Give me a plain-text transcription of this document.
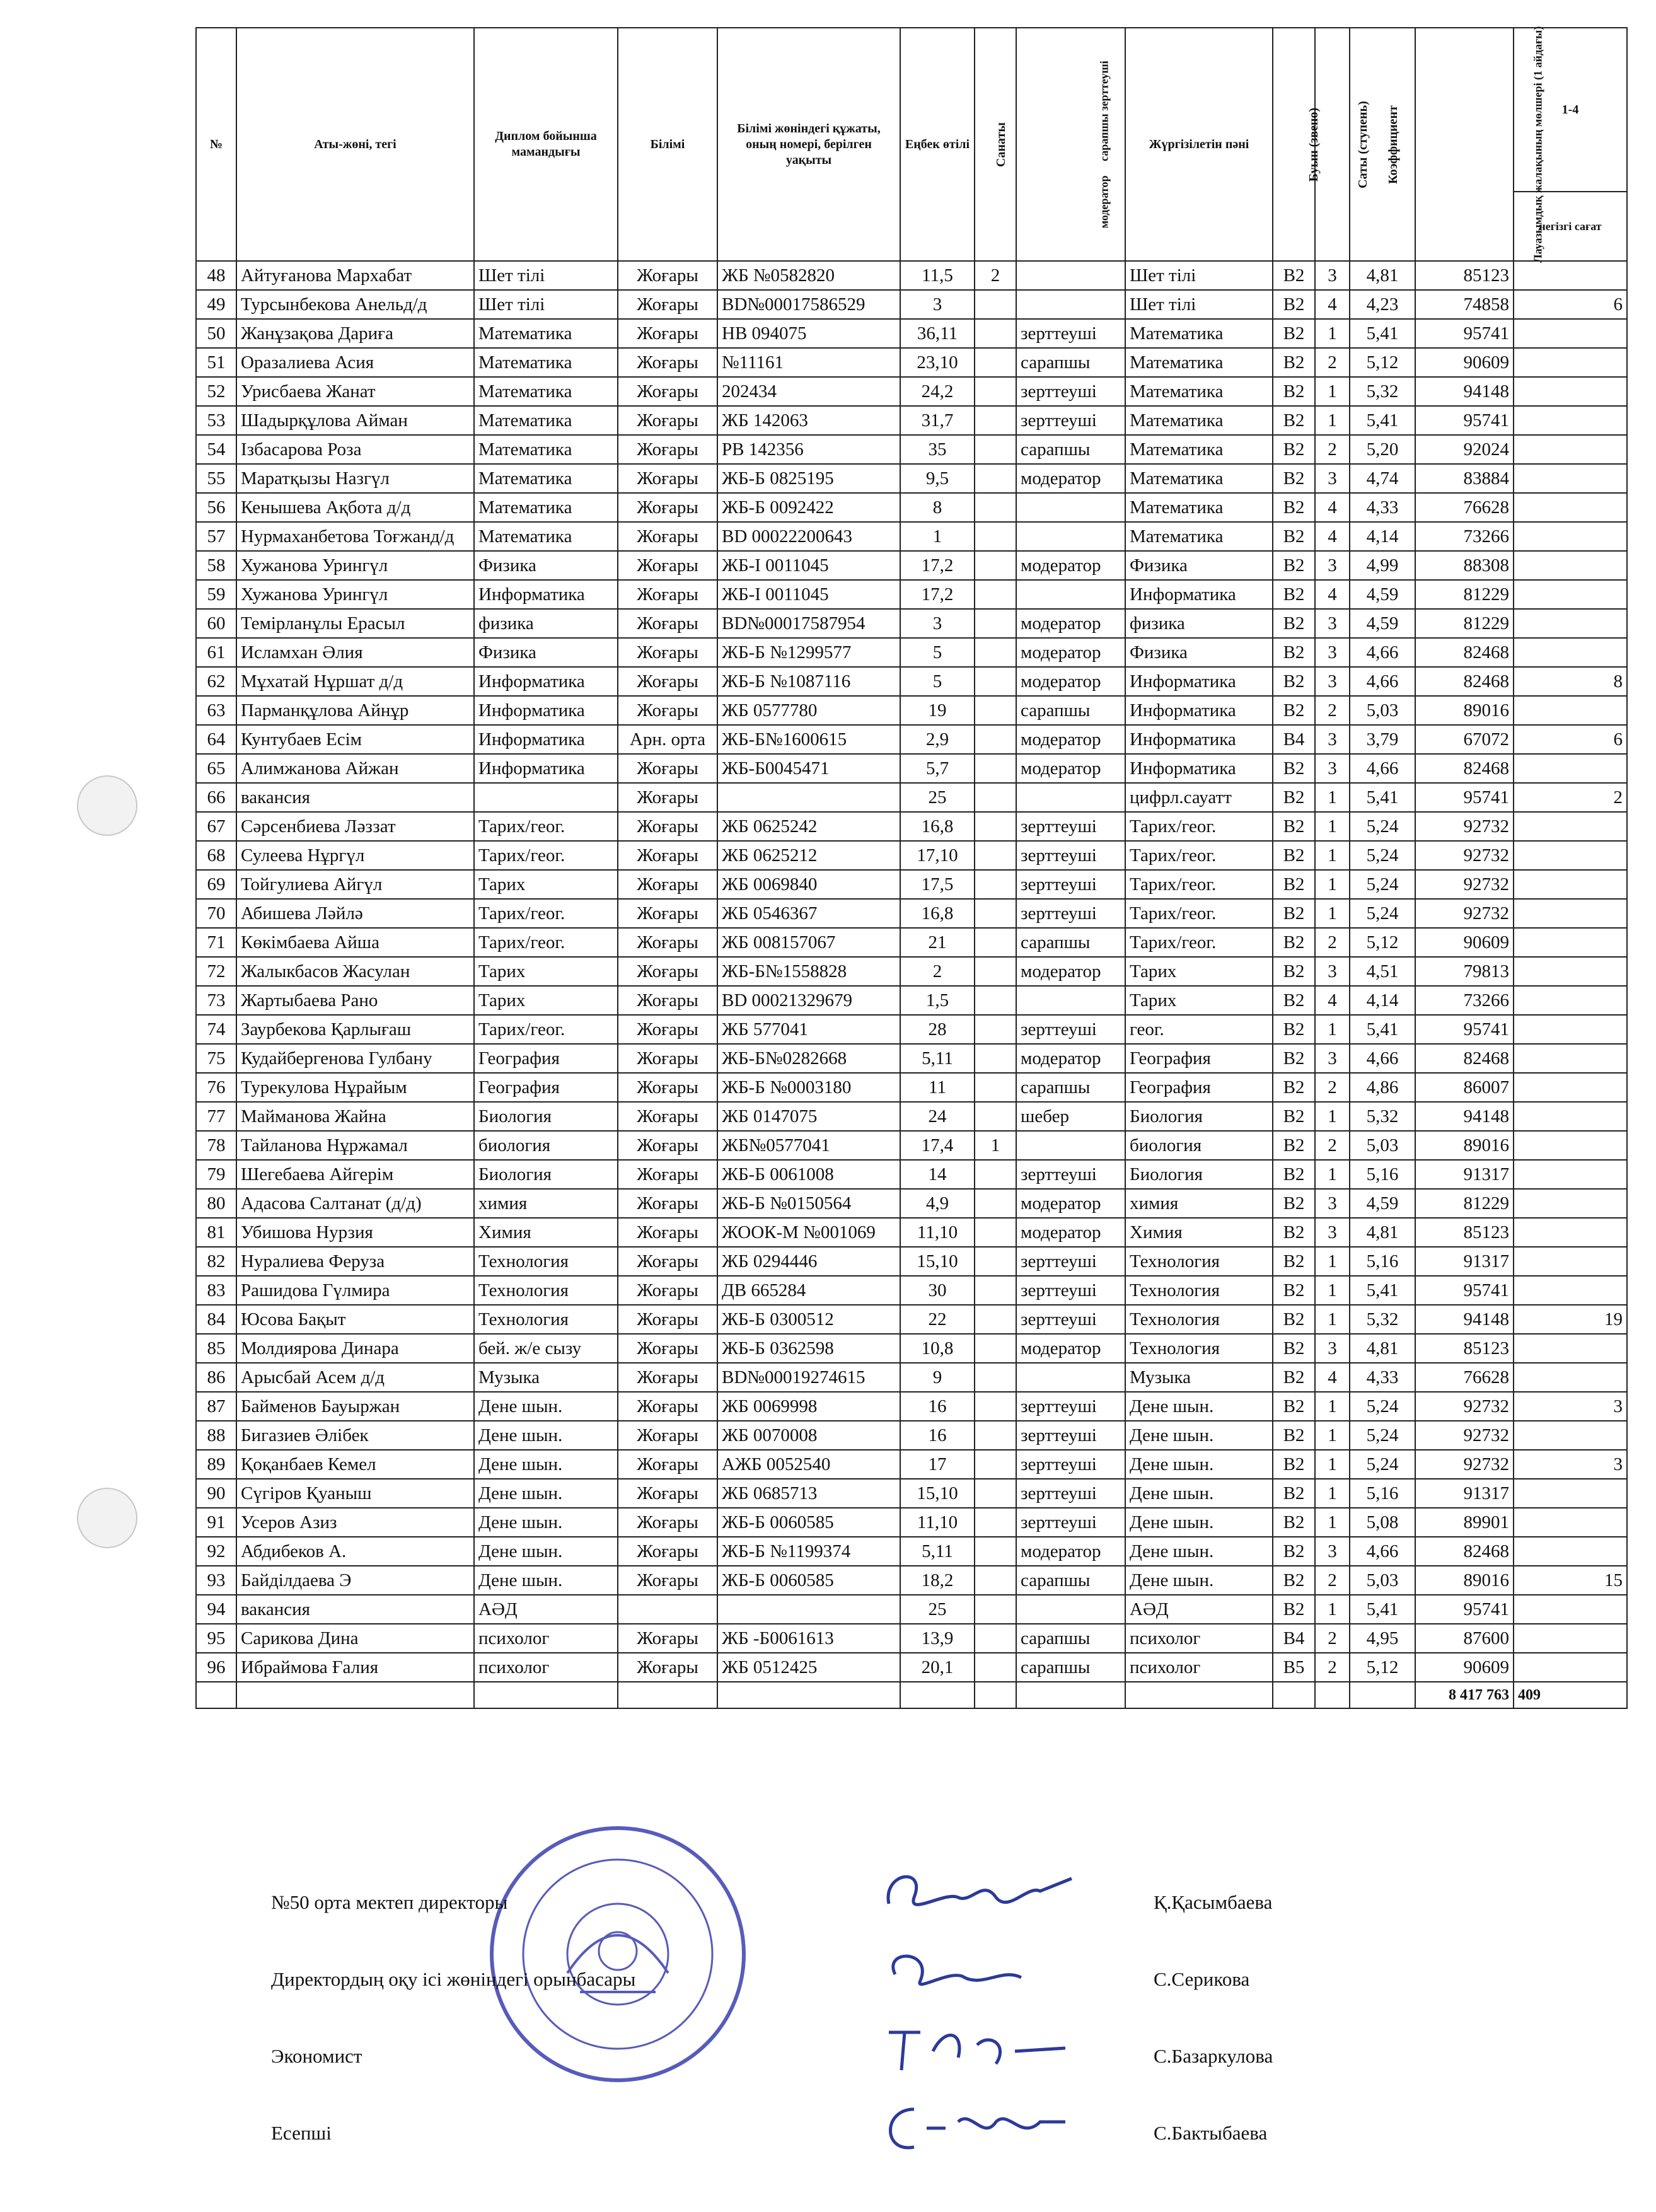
№	Аты-жөні, тегі	Диплом бойынша мамандығы	Білімі	Білімі жөніндегі құжаты, оның номері, берілген уақыты	Еңбек өтілі	Санаты	модератор     сарапшы зерттеуші	Жүргізілетін пәні	Буын (звено)	Саты (ступень)	Коэффициент	Лауазымдық жалақының мөлшері (1 айдағы)	1-4
													негізгі сағат
48	Айтуғанова Мархабат	Шет тілі	Жоғары	ЖБ №0582820	11,5	2		Шет тілі	В2	3	4,81	85123	
49	Турсынбекова Анельд/д	Шет тілі	Жоғары	BD№00017586529	3			Шет тілі	В2	4	4,23	74858	6
50	Жанұзақова Дариға	Математика	Жоғары	НВ 094075	36,11		зерттеуші	Математика	В2	1	5,41	95741	
51	Оразалиева Асия	Математика	Жоғары	№11161	23,10		сарапшы	Математика	В2	2	5,12	90609	
52	Урисбаева Жанат	Математика	Жоғары	202434	24,2		зерттеуші	Математика	В2	1	5,32	94148	
53	Шадырқұлова Айман	Математика	Жоғары	ЖБ 142063	31,7		зерттеуші	Математика	В2	1	5,41	95741	
54	Ізбасарова Роза	Математика	Жоғары	РВ 142356	35		сарапшы	Математика	В2	2	5,20	92024	
55	Маратқызы Назгүл	Математика	Жоғары	ЖБ-Б 0825195	9,5		модератор	Математика	В2	3	4,74	83884	
56	Кенышева Ақбота д/д	Математика	Жоғары	ЖБ-Б 0092422	8			Математика	В2	4	4,33	76628	
57	Нурмаханбетова Тоғжанд/д	Математика	Жоғары	BD 00022200643	1			Математика	В2	4	4,14	73266	
58	Хужанова Урингүл	Физика	Жоғары	ЖБ-І 0011045	17,2		модератор	Физика	В2	3	4,99	88308	
59	Хужанова Урингүл	Информатика	Жоғары	ЖБ-І 0011045	17,2			Информатика	В2	4	4,59	81229	
60	Темірланұлы Ерасыл	физика	Жоғары	BD№00017587954	3		модератор	физика	В2	3	4,59	81229	
61	Исламхан Әлия	Физика	Жоғары	ЖБ-Б №1299577	5		модератор	Физика	В2	3	4,66	82468	
62	Мұхатай Нұршат д/д	Информатика	Жоғары	ЖБ-Б №1087116	5		модератор	Информатика	В2	3	4,66	82468	8
63	Парманқұлова Айнұр	Информатика	Жоғары	ЖБ 0577780	19		сарапшы	Информатика	В2	2	5,03	89016	
64	Кунтубаев Есім	Информатика	Арн. орта	ЖБ-Б№1600615	2,9		модератор	Информатика	В4	3	3,79	67072	6
65	Алимжанова Айжан	Информатика	Жоғары	ЖБ-Б0045471	5,7		модератор	Информатика	В2	3	4,66	82468	
66	вакансия		Жоғары		25			цифрл.сауатт	В2	1	5,41	95741	2
67	Сәрсенбиева Ләззат	Тарих/геог.	Жоғары	ЖБ 0625242	16,8		зерттеуші	Тарих/геог.	В2	1	5,24	92732	
68	Сулеева Нұргүл	Тарих/геог.	Жоғары	ЖБ 0625212	17,10		зерттеуші	Тарих/геог.	В2	1	5,24	92732	
69	Тойгулиева Айгүл	Тарих	Жоғары	ЖБ 0069840	17,5		зерттеуші	Тарих/геог.	В2	1	5,24	92732	
70	Абишева Ләйлә	Тарих/геог.	Жоғары	ЖБ 0546367	16,8		зерттеуші	Тарих/геог.	В2	1	5,24	92732	
71	Көкімбаева Айша	Тарих/геог.	Жоғары	ЖБ 008157067	21		сарапшы	Тарих/геог.	В2	2	5,12	90609	
72	Жалыкбасов Жасулан	Тарих	Жоғары	ЖБ-Б№1558828	2		модератор	Тарих	В2	3	4,51	79813	
73	Жартыбаева Рано	Тарих	Жоғары	BD 00021329679	1,5			Тарих	В2	4	4,14	73266	
74	Заурбекова Қарлығаш	Тарих/геог.	Жоғары	ЖБ 577041	28		зерттеуші	геог.	В2	1	5,41	95741	
75	Кудайбергенова Гулбану	География	Жоғары	ЖБ-Б№0282668	5,11		модератор	География	В2	3	4,66	82468	
76	Турекулова Нұрайым	География	Жоғары	ЖБ-Б №0003180	11		сарапшы	География	В2	2	4,86	86007	
77	Майманова Жайна	Биология	Жоғары	ЖБ 0147075	24		шебер	Биология	В2	1	5,32	94148	
78	Тайланова Нұржамал	биология	Жоғары	ЖБ№0577041	17,4	1		биология	В2	2	5,03	89016	
79	Шегебаева Айгерім	Биология	Жоғары	ЖБ-Б 0061008	14		зерттеуші	Биология	В2	1	5,16	91317	
80	Адасова Салтанат (д/д)	химия	Жоғары	ЖБ-Б №0150564	4,9		модератор	химия	В2	3	4,59	81229	
81	Убишова Нурзия	Химия	Жоғары	ЖООК-М №001069	11,10		модератор	Химия	В2	3	4,81	85123	
82	Нуралиева Феруза	Технология	Жоғары	ЖБ 0294446	15,10		зерттеуші	Технология	В2	1	5,16	91317	
83	Рашидова Гүлмира	Технология	Жоғары	ДВ 665284	30		зерттеуші	Технология	В2	1	5,41	95741	
84	Юсова Бақыт	Технология	Жоғары	ЖБ-Б 0300512	22		зерттеуші	Технология	В2	1	5,32	94148	19
85	Молдиярова Динара	бей. ж/е сызу	Жоғары	ЖБ-Б 0362598	10,8		модератор	Технология	В2	3	4,81	85123	
86	Арысбай Асем д/д	Музыка	Жоғары	BD№00019274615	9			Музыка	В2	4	4,33	76628	
87	Байменов Бауыржан	Дене шын.	Жоғары	ЖБ 0069998	16		зерттеуші	Дене шын.	В2	1	5,24	92732	3
88	Бигазиев Әлібек	Дене шын.	Жоғары	ЖБ 0070008	16		зерттеуші	Дене шын.	В2	1	5,24	92732	
89	Қоқанбаев Кемел	Дене шын.	Жоғары	АЖБ 0052540	17		зерттеуші	Дене шын.	В2	1	5,24	92732	3
90	Сүгіров Қуаныш	Дене шын.	Жоғары	ЖБ 0685713	15,10		зерттеуші	Дене шын.	В2	1	5,16	91317	
91	Усеров Азиз	Дене шын.	Жоғары	ЖБ-Б 0060585	11,10		зерттеуші	Дене шын.	В2	1	5,08	89901	
92	Абдибеков А.	Дене шын.	Жоғары	ЖБ-Б №1199374	5,11		модератор	Дене шын.	В2	3	4,66	82468	
93	Байділдаева Э	Дене шын.	Жоғары	ЖБ-Б 0060585	18,2		сарапшы	Дене шын.	В2	2	5,03	89016	15
94	вакансия	АӘД			25			АӘД	В2	1	5,41	95741	
95	Сарикова Дина	психолог	Жоғары	ЖБ -Б0061613	13,9		сарапшы	психолог	В4	2	4,95	87600	
96	Ибраймова Ғалия	психолог	Жоғары	ЖБ 0512425	20,1		сарапшы	психолог	В5	2	5,12	90609	
												8 417 763	409
№50 орта мектеп директоры	Қ.Қасымбаева
Директордың оқу ісі жөніндегі орынбасары	С.Серикова
Экономист	С.Базаркулова
Есепші	С.Бактыбаева
